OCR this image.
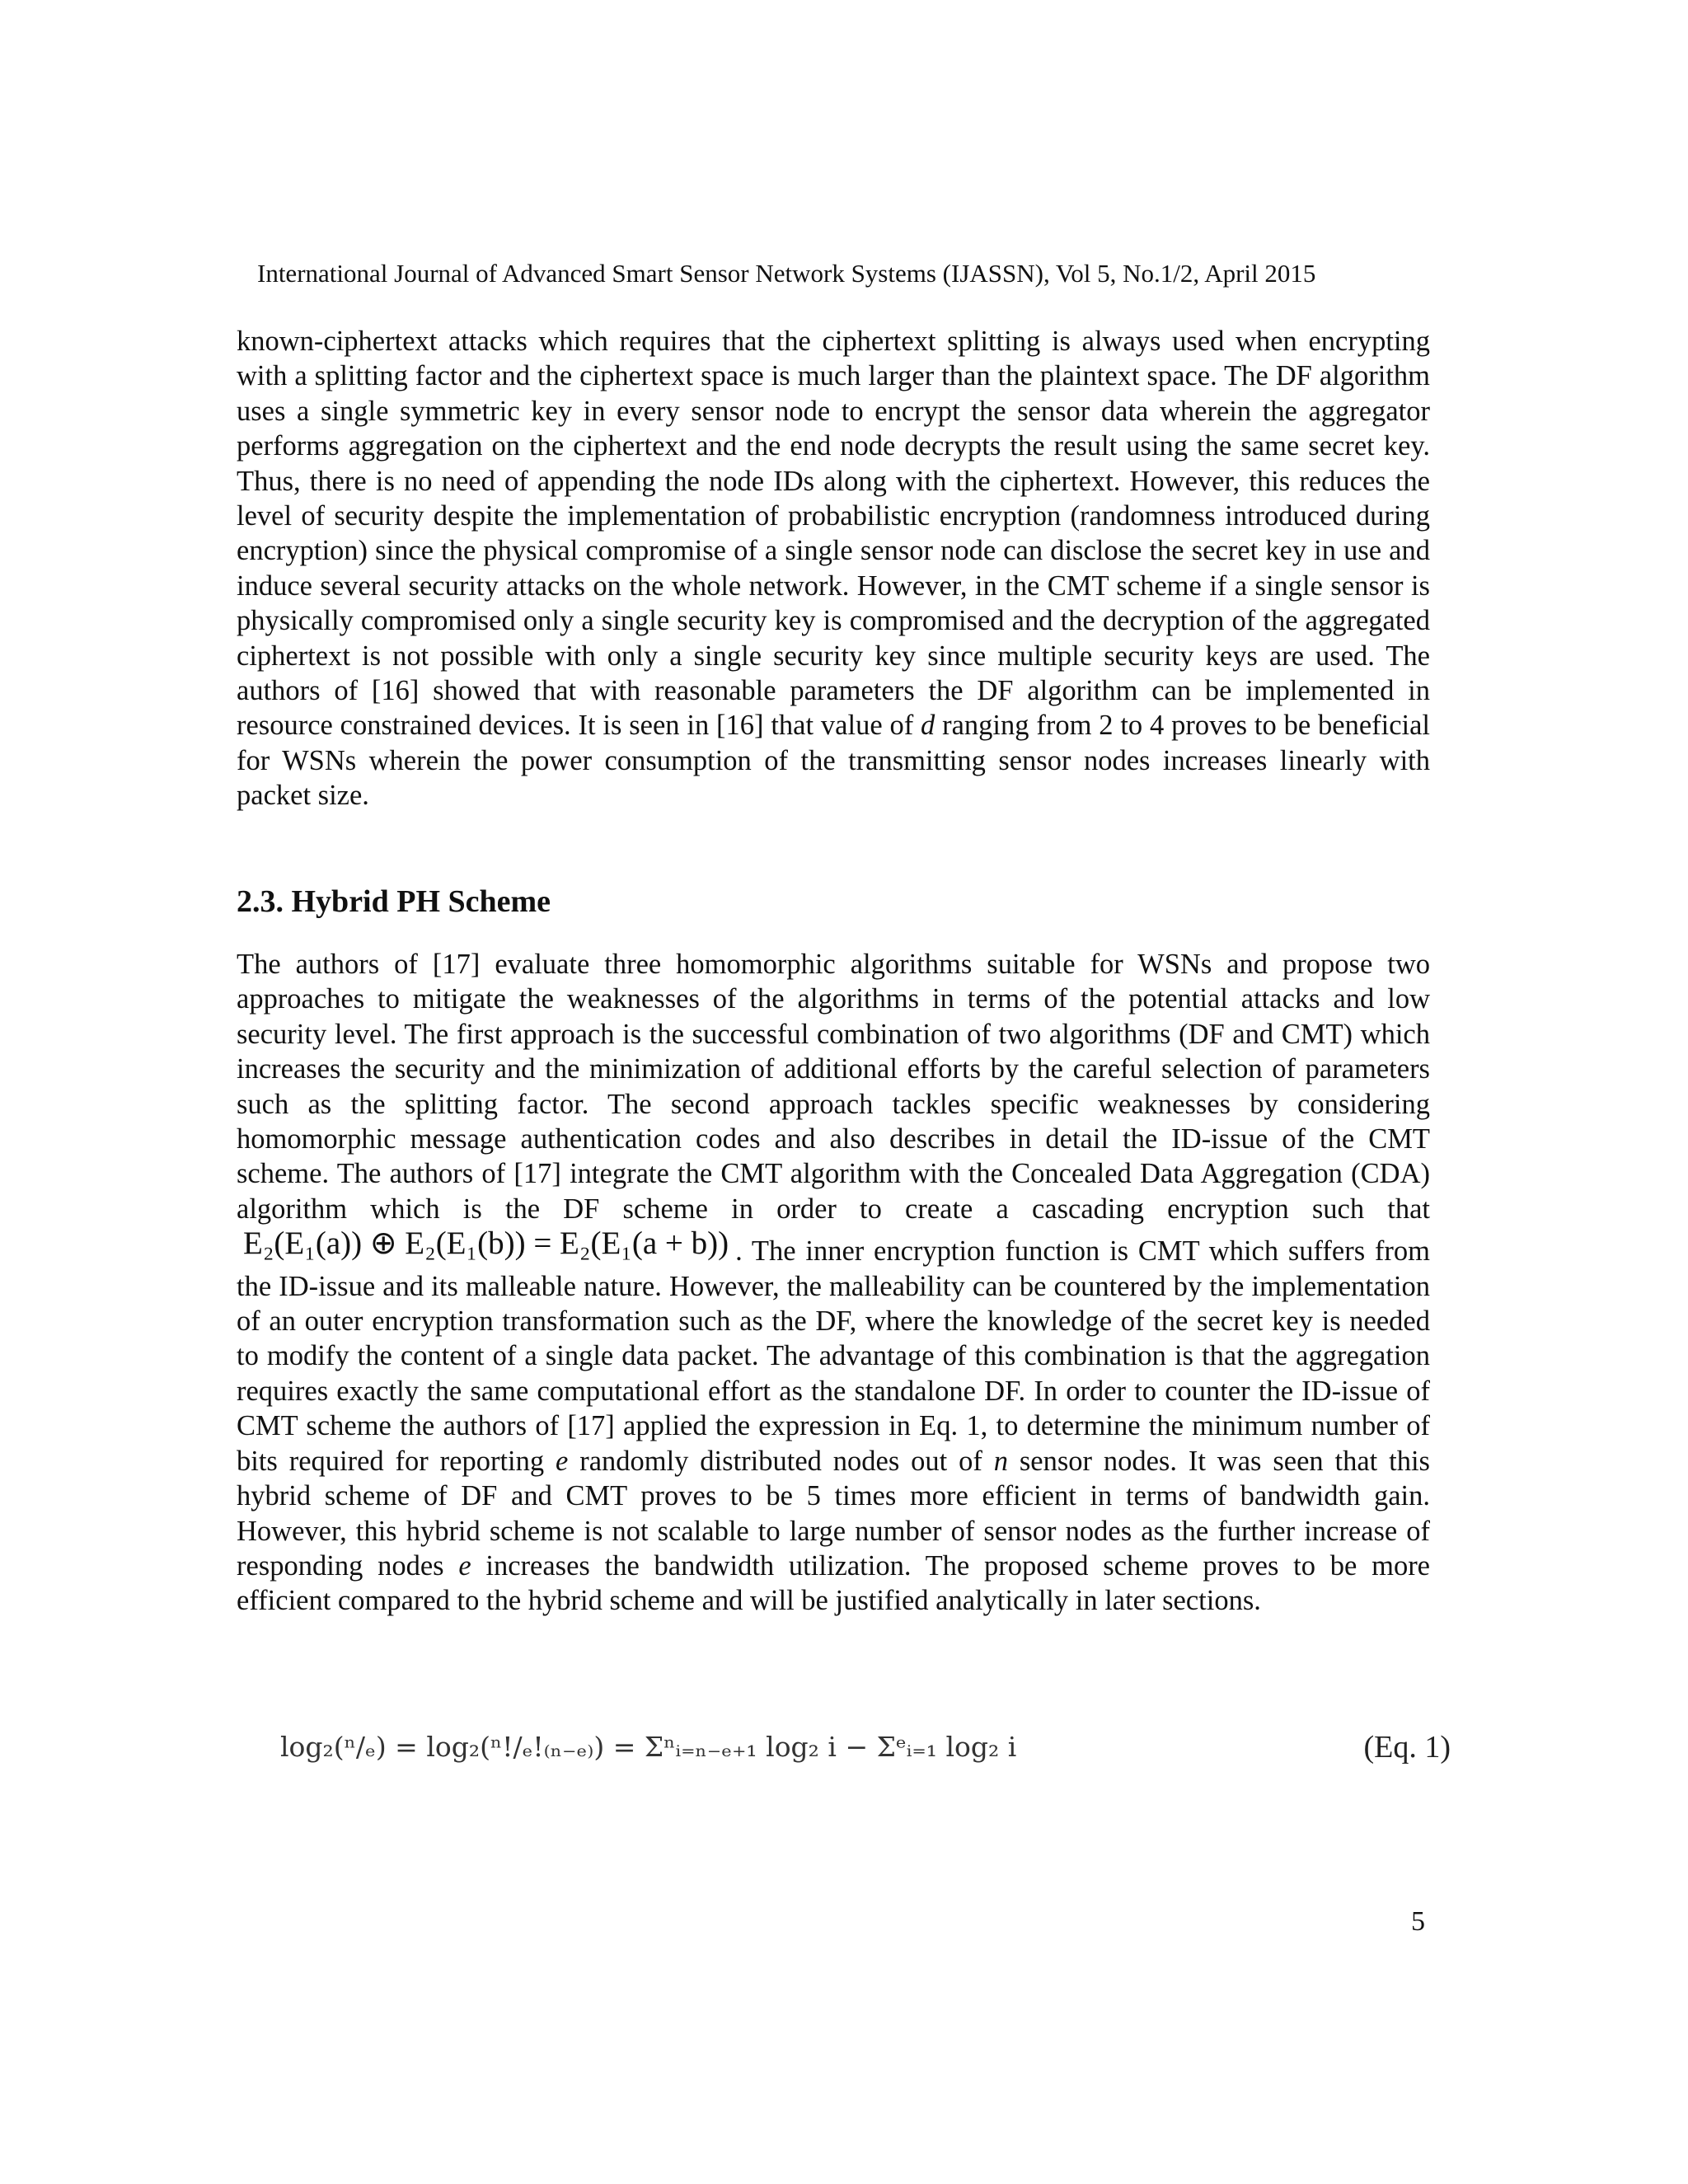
International Journal of Advanced Smart Sensor Network Systems (IJASSN), Vol 5, No.1/2, April 2015

known-ciphertext attacks which requires that the ciphertext splitting is always used when encrypting with a splitting factor and the ciphertext space is much larger than the plaintext space. The DF algorithm uses a single symmetric key in every sensor node to encrypt the sensor data wherein the aggregator performs aggregation on the ciphertext and the end node decrypts the result using the same secret key. Thus, there is no need of appending the node IDs along with the ciphertext. However, this reduces the level of security despite the implementation of probabilistic encryption (randomness introduced during encryption) since the physical compromise of a single sensor node can disclose the secret key in use and induce several security attacks on the whole network. However, in the CMT scheme if a single sensor is physically compromised only a single security key is compromised and the decryption of the aggregated ciphertext is not possible with only a single security key since multiple security keys are used. The authors of [16] showed that with reasonable parameters the DF algorithm can be implemented in resource constrained devices. It is seen in [16] that value of d ranging from 2 to 4 proves to be beneficial for WSNs wherein the power consumption of the transmitting sensor nodes increases linearly with packet size.

2.3. Hybrid PH Scheme

The authors of [17] evaluate three homomorphic algorithms suitable for WSNs and propose two approaches to mitigate the weaknesses of the algorithms in terms of the potential attacks and low security level. The first approach is the successful combination of two algorithms (DF and CMT) which increases the security and the minimization of additional efforts by the careful selection of parameters such as the splitting factor. The second approach tackles specific weaknesses by considering homomorphic message authentication codes and also describes in detail the ID-issue of the CMT scheme. The authors of [17] integrate the CMT algorithm with the Concealed Data Aggregation (CDA) algorithm which is the DF scheme in order to create a cascading encryption such thatE₂(E₁(a)) ⊕ E₂(E₁(b)) = E₂(E₁(a + b)) . The inner encryption function is CMT which suffers from the ID-issue and its malleable nature. However, the malleability can be countered by the implementation of an outer encryption transformation such as the DF, where the knowledge of the secret key is needed to modify the content of a single data packet. The advantage of this combination is that the aggregation requires exactly the same computational effort as the standalone DF. In order to counter the ID-issue of CMT scheme the authors of [17] applied the expression in Eq. 1, to determine the minimum number of bits required for reporting e randomly distributed nodes out of n sensor nodes. It was seen that this hybrid scheme of DF and CMT proves to be 5 times more efficient in terms of bandwidth gain. However, this hybrid scheme is not scalable to large number of sensor nodes as the further increase of responding nodes e increases the bandwidth utilization. The proposed scheme proves to be more efficient compared to the hybrid scheme and will be justified analytically in later sections.

log₂(ⁿ/ₑ) = log₂(ⁿ!/ₑ!₍ₙ₋ₑ₎) = Σⁿᵢ₌ₙ₋ₑ₊₁ log₂ i − Σᵉᵢ₌₁ log₂ i	(Eq. 1)
5
